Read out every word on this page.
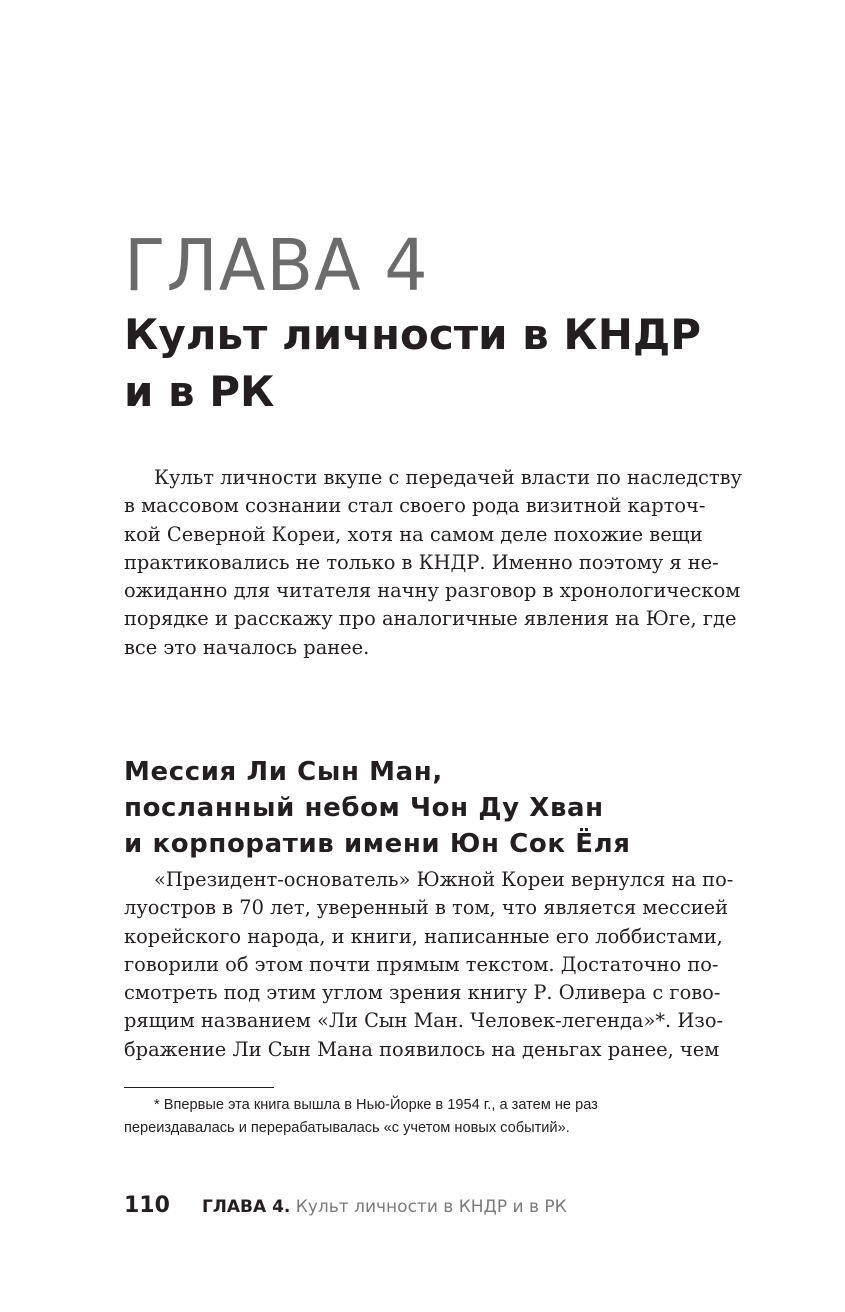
ГЛАВА 4
Культ личности в КНДР
и в РК
Культ личности вкупе с передачей власти по наследству
в массовом сознании стал своего рода визитной карточ-
кой Северной Кореи, хотя на самом деле похожие вещи
практиковались не только в КНДР. Именно поэтому я не-
ожиданно для читателя начну разговор в хронологическом
порядке и расскажу про аналогичные явления на Юге, где
все это началось ранее.
Мессия Ли Сын Ман,
посланный небом Чон Ду Хван
и корпоратив имени Юн Сок Ёля
«Президент-основатель» Южной Кореи вернулся на по-
луостров в 70 лет, уверенный в том, что является мессией
корейского народа, и книги, написанные его лоббистами,
говорили об этом почти прямым текстом. Достаточно по-
смотреть под этим углом зрения книгу Р. Оливера с гово-
рящим названием «Ли Сын Ман. Человек-легенда»*. Изо-
бражение Ли Сын Мана появилось на деньгах ранее, чем
* Впервые эта книга вышла в Нью-Йорке в 1954 г., а затем не раз
переиздавалась и перерабатывалась «с учетом новых событий».
110 ГЛАВА 4. Культ личности в КНДР и в РК
